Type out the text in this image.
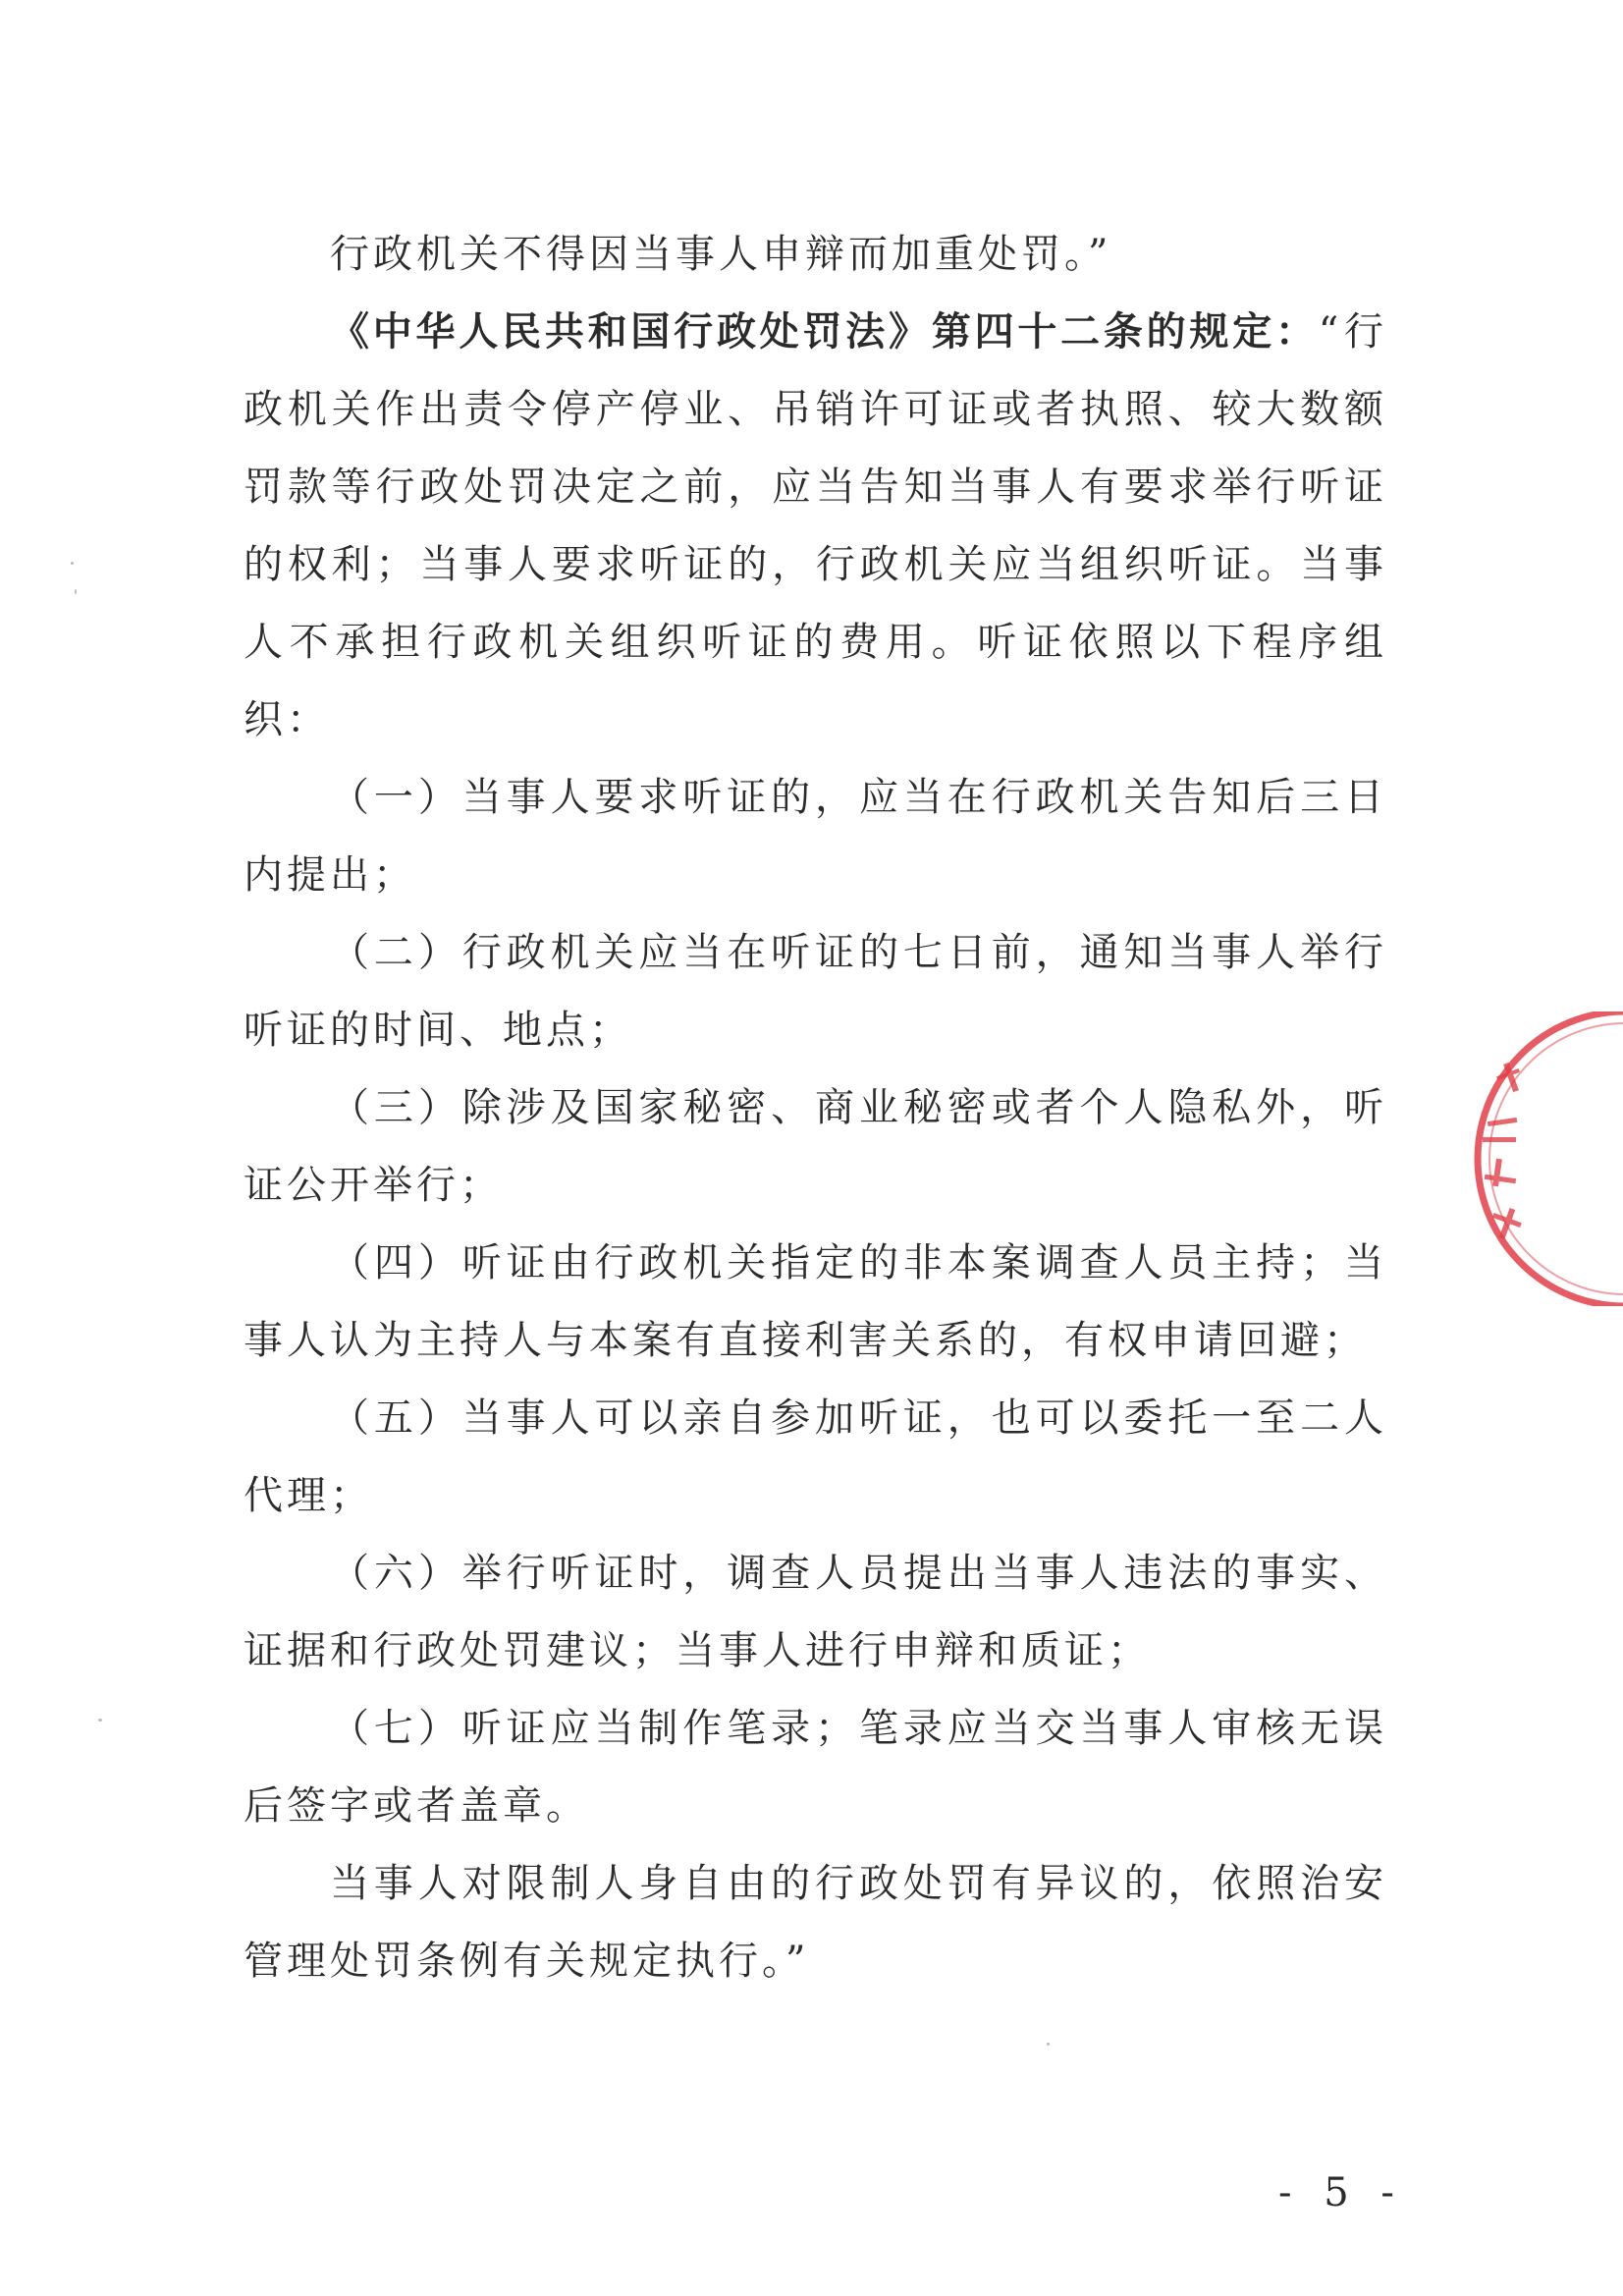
行政机关不得因当事人申辩而加重处罚。”

《中华人民共和国行政处罚法》第四十二条的规定：“行政机关作出责令停产停业、吊销许可证或者执照、较大数额罚款等行政处罚决定之前，应当告知当事人有要求举行听证的权利；当事人要求听证的，行政机关应当组织听证。当事人不承担行政机关组织听证的费用。听证依照以下程序组织：

（一）当事人要求听证的，应当在行政机关告知后三日内提出；

（二）行政机关应当在听证的七日前，通知当事人举行听证的时间、地点；

（三）除涉及国家秘密、商业秘密或者个人隐私外，听证公开举行；

（四）听证由行政机关指定的非本案调查人员主持；当事人认为主持人与本案有直接利害关系的，有权申请回避；

（五）当事人可以亲自参加听证，也可以委托一至二人代理；

（六）举行听证时，调查人员提出当事人违法的事实、证据和行政处罚建议；当事人进行申辩和质证；

（七）听证应当制作笔录；笔录应当交当事人审核无误后签字或者盖章。

当事人对限制人身自由的行政处罚有异议的，依照治安管理处罚条例有关规定执行。”

- 5 -
